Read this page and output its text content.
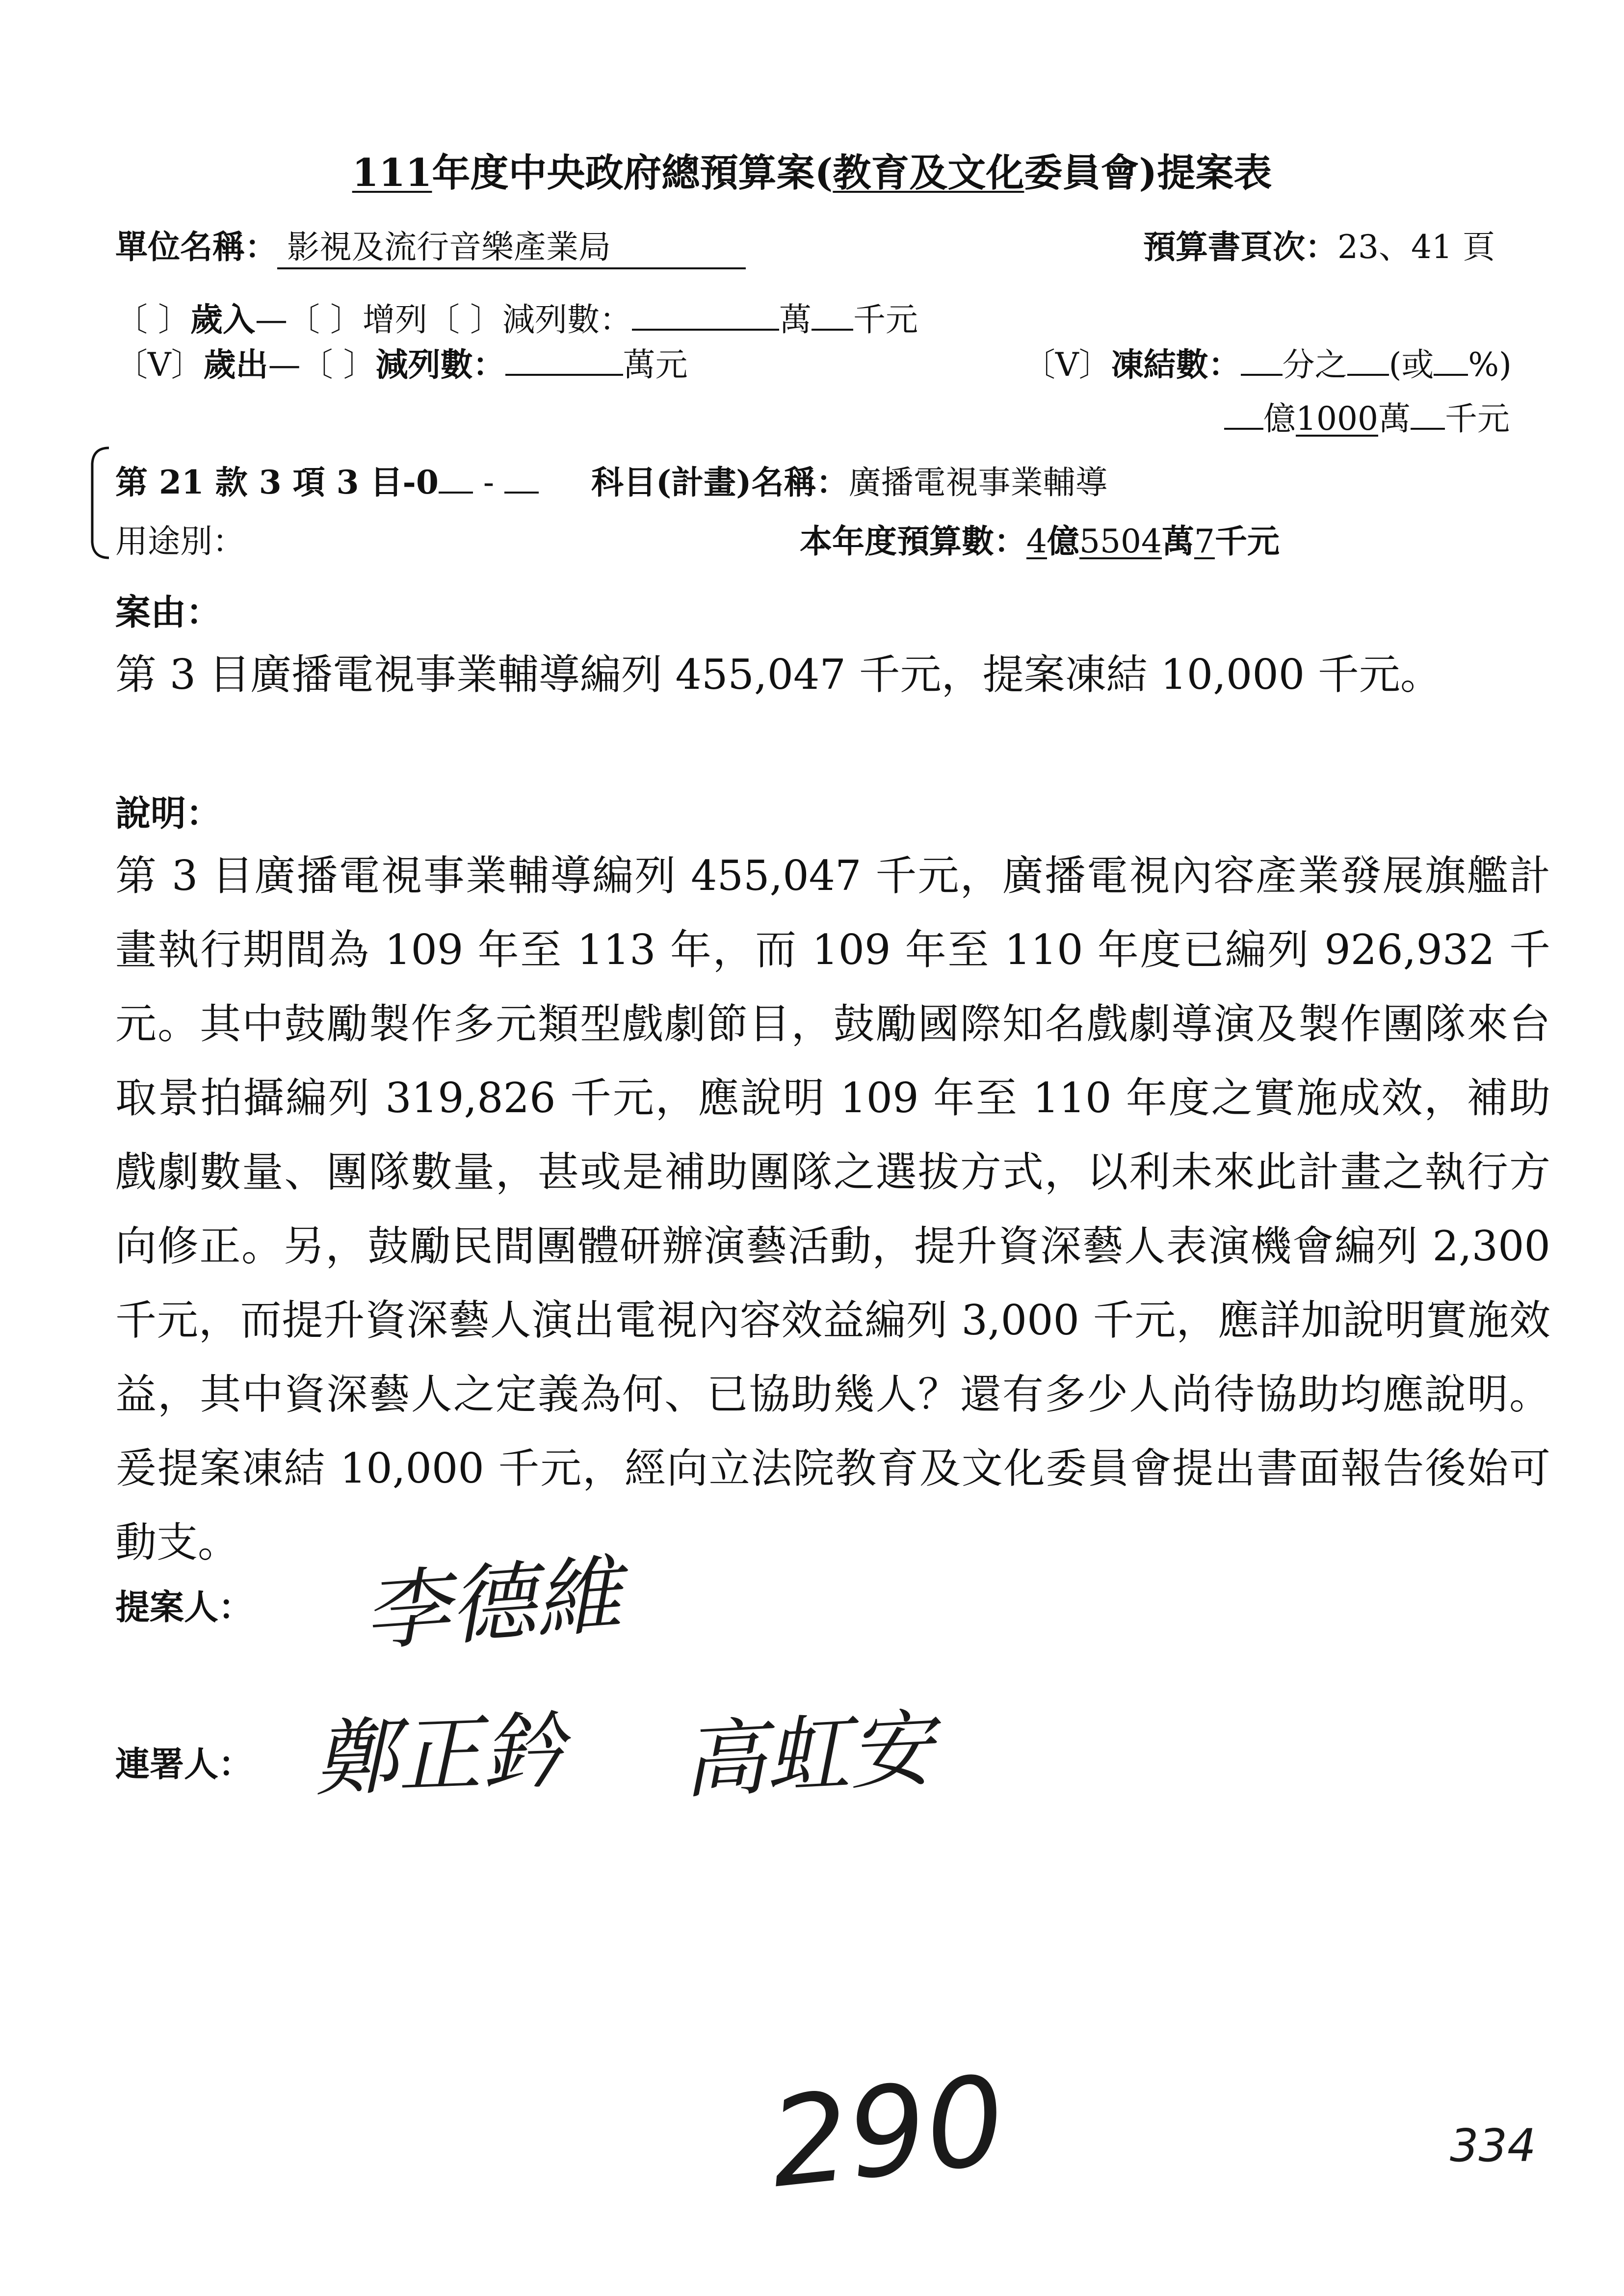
111年度中央政府總預算案(教育及文化委員會)提案表
單位名稱： 影視及流行音樂產業局	預算書頁次：23、41 頁
〔 〕歲入—〔 〕增列〔 〕減列數：	萬 千元
〔V〕歲出—〔 〕減列數：	萬元	〔V〕凍結數： 分之 (或 %)
億1000萬 千元
第 21 款 3 項 3 目-0 -	科目(計畫)名稱：廣播電視事業輔導
用途別：	本年度預算數：4億5504萬7千元
案由：

第 3 目廣播電視事業輔導編列 455,047 千元，提案凍結 10,000 千元。

說明：

第 3 目廣播電視事業輔導編列 455,047 千元，廣播電視內容產業發展旗艦計畫執行期間為 109 年至 113 年，而 109 年至 110 年度已編列 926,932 千元。其中鼓勵製作多元類型戲劇節目，鼓勵國際知名戲劇導演及製作團隊來台取景拍攝編列 319,826 千元，應說明 109 年至 110 年度之實施成效，補助戲劇數量、團隊數量，甚或是補助團隊之選拔方式，以利未來此計畫之執行方向修正。另，鼓勵民間團體研辦演藝活動，提升資深藝人表演機會編列 2,300 千元，而提升資深藝人演出電視內容效益編列 3,000 千元，應詳加說明實施效益，其中資深藝人之定義為何、已協助幾人？還有多少人尚待協助均應說明。爰提案凍結 10,000 千元，經向立法院教育及文化委員會提出書面報告後始可動支。

提案人： 李德維
連署人： 鄭正鈐 高虹安
290	334
